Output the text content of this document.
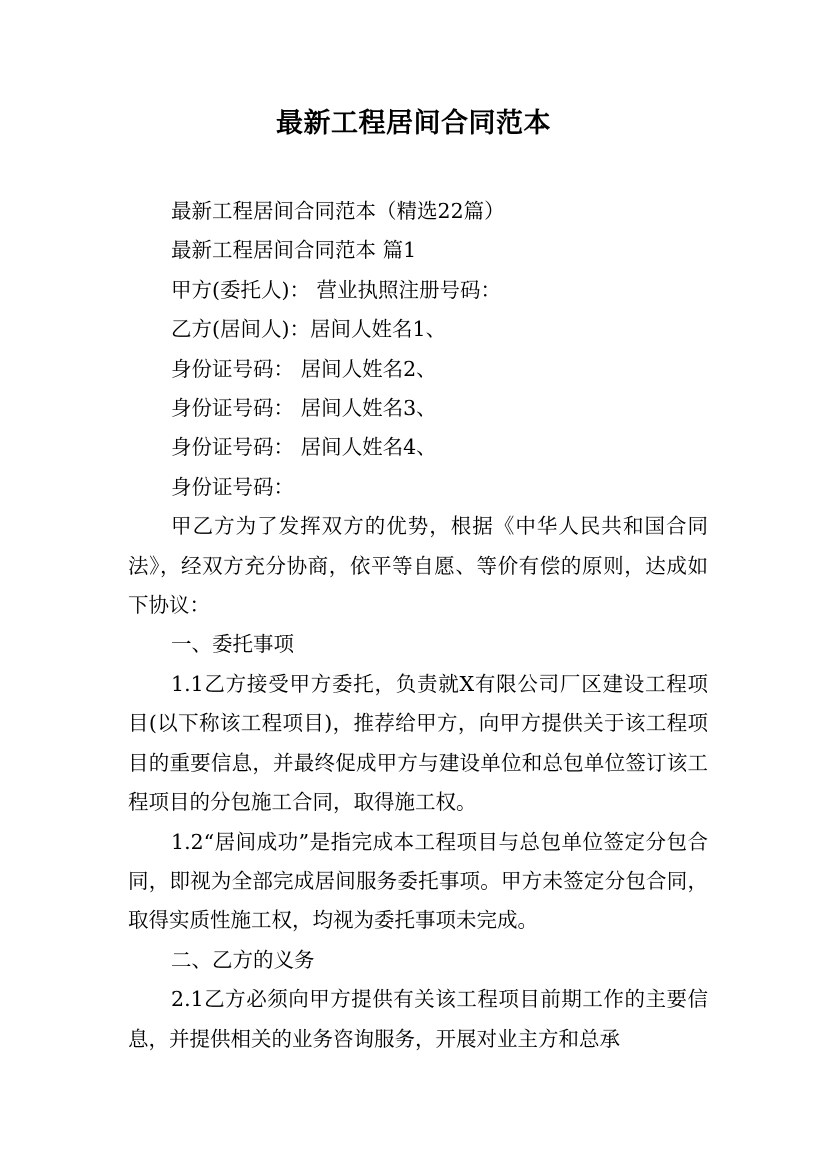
最新工程居间合同范本

最新工程居间合同范本（精选22篇）

最新工程居间合同范本 篇1

甲方(委托人)： 营业执照注册号码：

乙方(居间人)：居间人姓名1、

身份证号码： 居间人姓名2、

身份证号码： 居间人姓名3、

身份证号码： 居间人姓名4、

身份证号码：

甲乙方为了发挥双方的优势，根据《中华人民共和国合同法》，经双方充分协商，依平等自愿、等价有偿的原则，达成如下协议：

一、委托事项

1.1乙方接受甲方委托，负责就X有限公司厂区建设工程项目(以下称该工程项目)，推荐给甲方，向甲方提供关于该工程项目的重要信息，并最终促成甲方与建设单位和总包单位签订该工程项目的分包施工合同，取得施工权。

1.2“居间成功”是指完成本工程项目与总包单位签定分包合同，即视为全部完成居间服务委托事项。甲方未签定分包合同，取得实质性施工权，均视为委托事项未完成。

二、乙方的义务

2.1乙方必须向甲方提供有关该工程项目前期工作的主要信息，并提供相关的业务咨询服务，开展对业主方和总承
